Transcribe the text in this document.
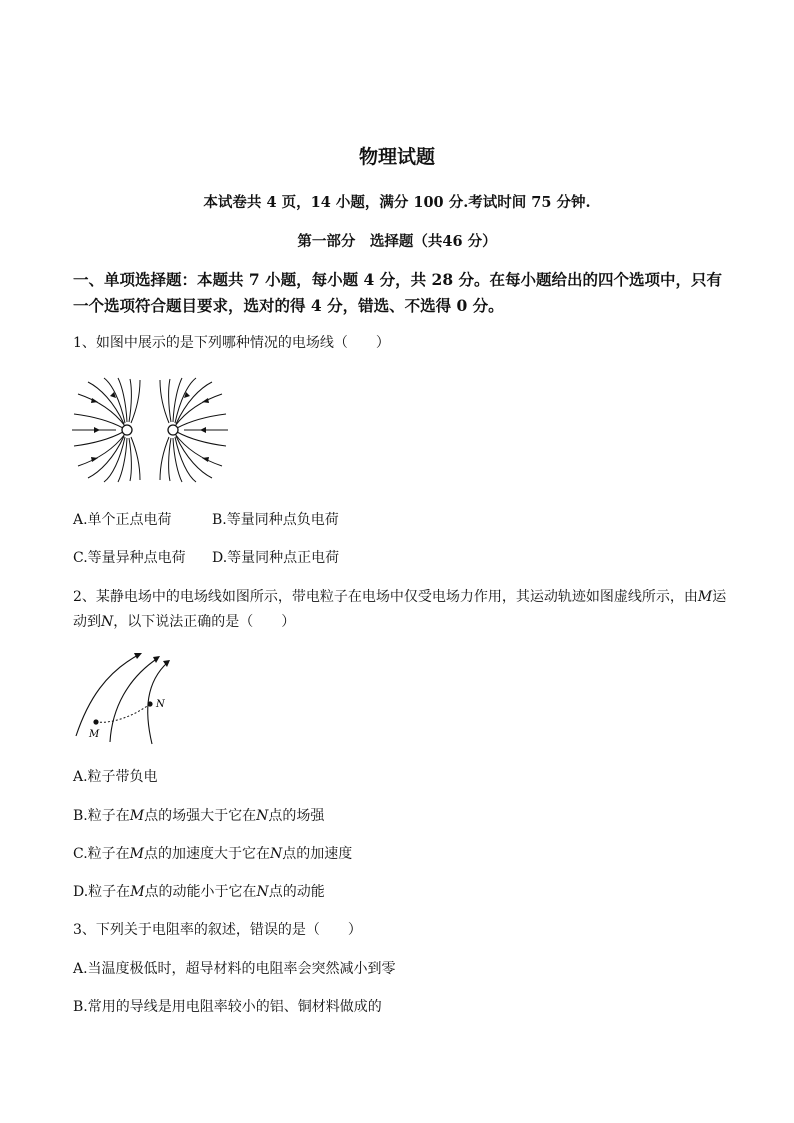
物理试题
本试卷共 4 页，14 小题，满分 100 分.考试时间 75 分钟.
第一部分　选择题（共46 分）
一、单项选择题：本题共 7 小题，每小题 4 分，共 28 分。在每小题给出的四个选项中，只有
一个选项符合题目要求，选对的得 4 分，错选、不选得 0 分。
1、如图中展示的是下列哪种情况的电场线（　　）
A.单个正点电荷	B.等量同种点负电荷
C.等量异种点电荷 D.等量同种点正电荷
2、某静电场中的电场线如图所示，带电粒子在电场中仅受电场力作用，其运动轨迹如图虚线所示，由M运
动到N，以下说法正确的是（　　）
M
N
A.粒子带负电
B.粒子在M点的场强大于它在N点的场强
C.粒子在M点的加速度大于它在N点的加速度
D.粒子在M点的动能小于它在N点的动能
3、下列关于电阻率的叙述，错误的是（　　）
A.当温度极低时，超导材料的电阻率会突然减小到零
B.常用的导线是用电阻率较小的铝、铜材料做成的
